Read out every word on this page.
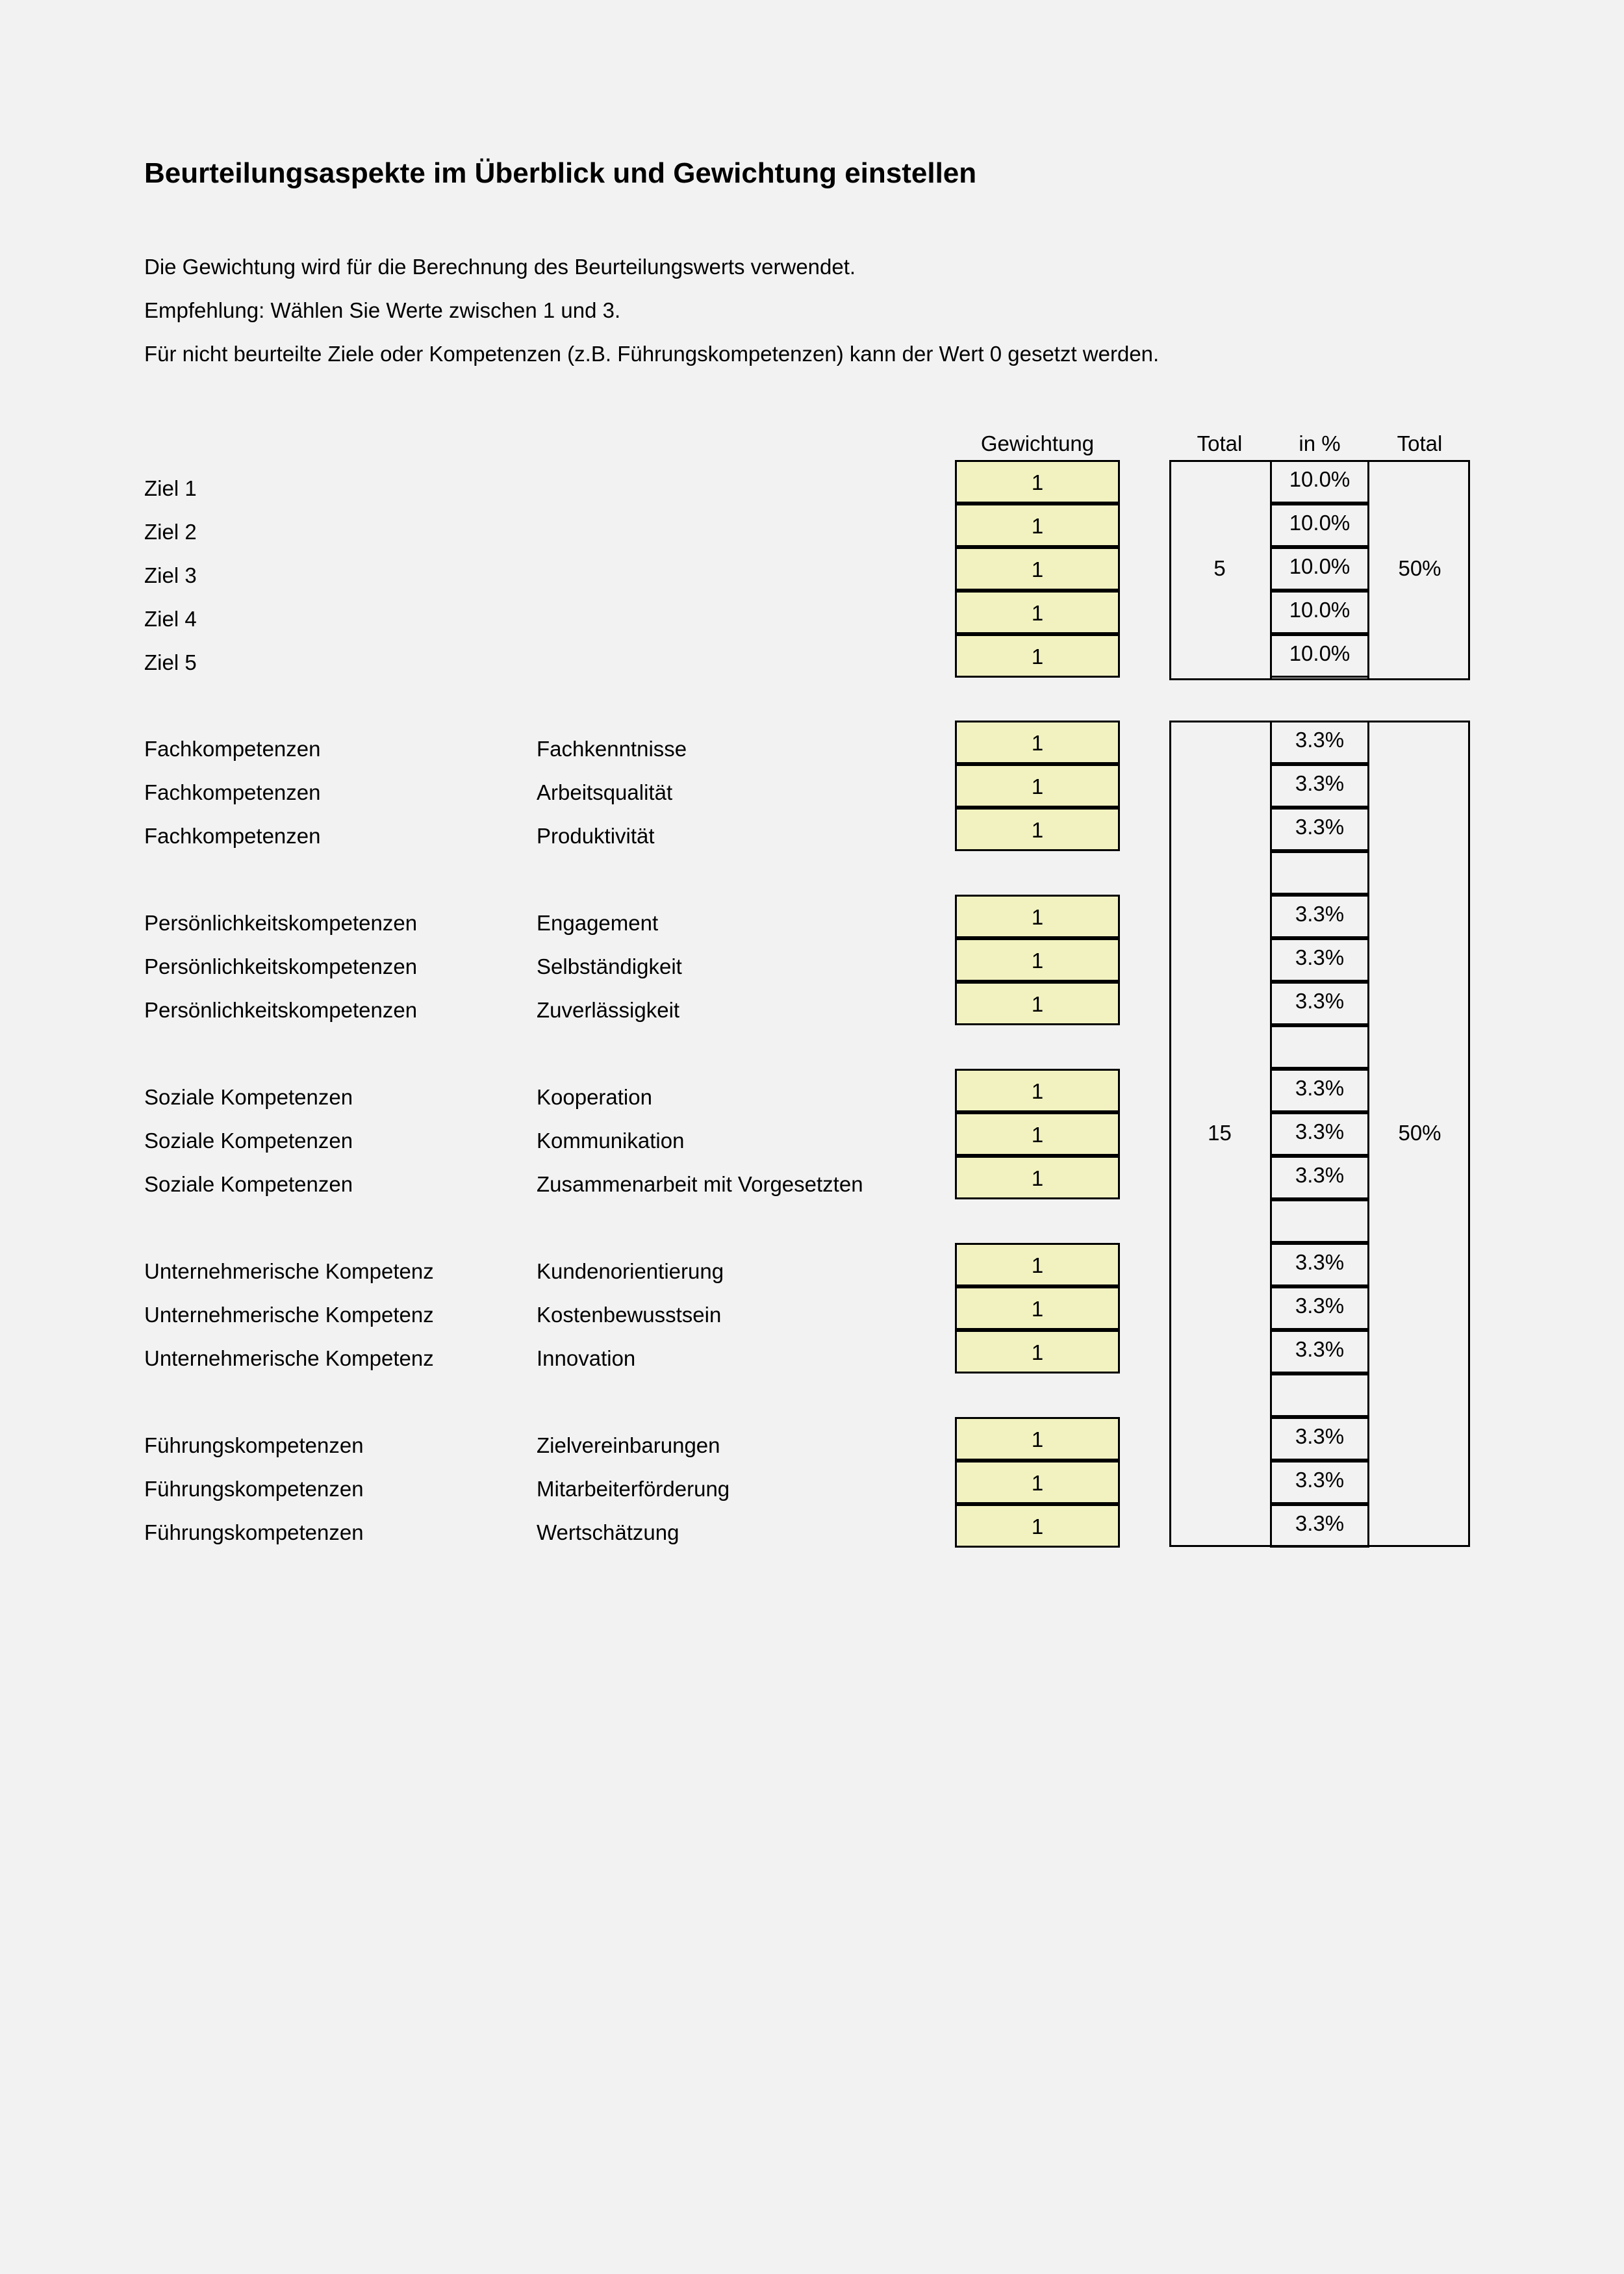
Beurteilungsaspekte im Überblick und Gewichtung einstellen
Die Gewichtung wird für die Berechnung des Beurteilungswerts verwendet.
Empfehlung: Wählen Sie Werte zwischen 1 und 3.
Für nicht beurteilte Ziele oder Kompetenzen (z.B. Führungskompetenzen) kann der Wert 0 gesetzt werden.
Gewichtung	Total	in %	Total
5	50%
Ziel 1	1	10.0%
Ziel 2	1	10.0%
Ziel 3	1	10.0%
Ziel 4	1	10.0%
Ziel 5	1	10.0%
15	50%
Fachkompetenzen	Fachkenntnisse	1	3.3%
Fachkompetenzen	Arbeitsqualität	1	3.3%
Fachkompetenzen	Produktivität	1	3.3%
Persönlichkeitskompetenzen	Engagement	1	3.3%
Persönlichkeitskompetenzen	Selbständigkeit	1	3.3%
Persönlichkeitskompetenzen	Zuverlässigkeit	1	3.3%
Soziale Kompetenzen	Kooperation	1	3.3%
Soziale Kompetenzen	Kommunikation	1	3.3%
Soziale Kompetenzen	Zusammenarbeit mit Vorgesetzten	1	3.3%
Unternehmerische Kompetenz	Kundenorientierung	1	3.3%
Unternehmerische Kompetenz	Kostenbewusstsein	1	3.3%
Unternehmerische Kompetenz	Innovation	1	3.3%
Führungskompetenzen	Zielvereinbarungen	1	3.3%
Führungskompetenzen	Mitarbeiterförderung	1	3.3%
Führungskompetenzen	Wertschätzung	1	3.3%
